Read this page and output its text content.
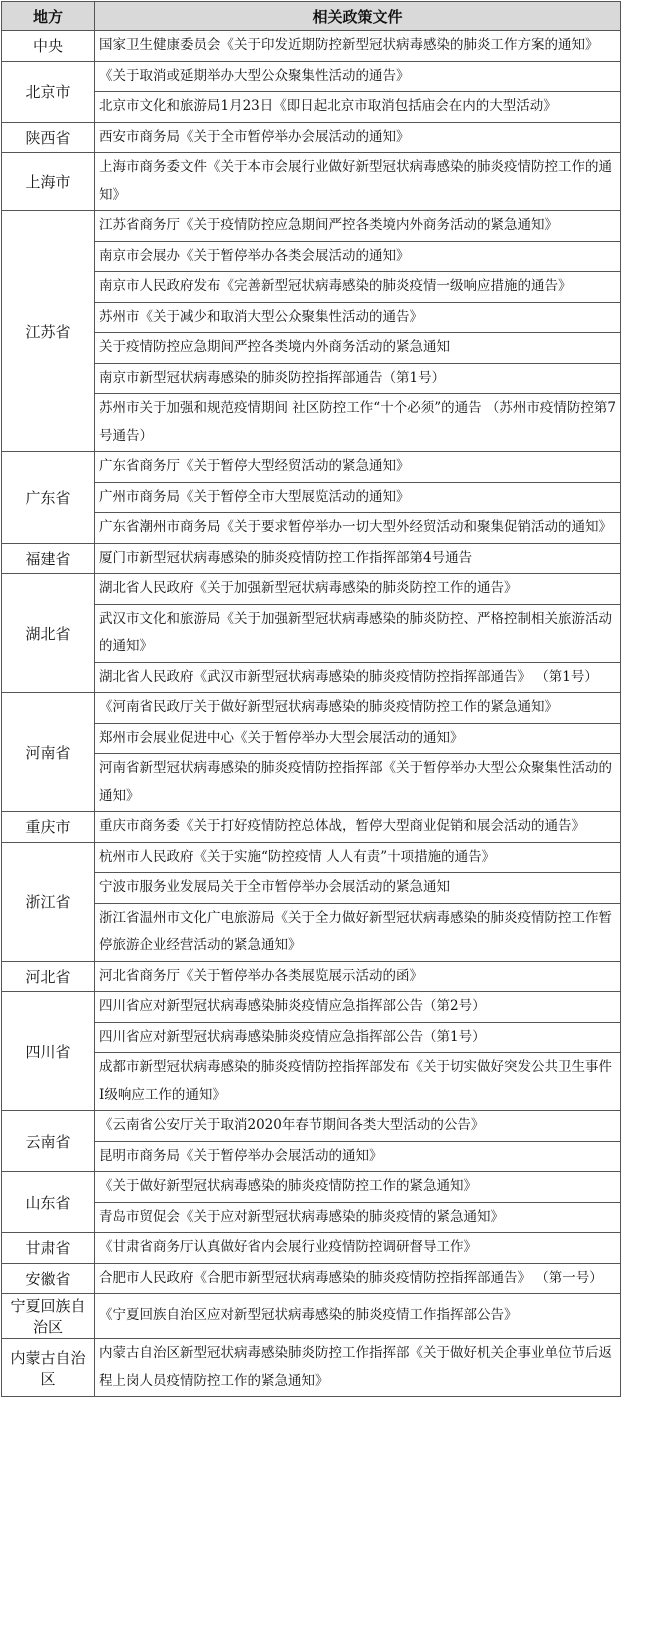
地方	相关政策文件
中央	国家卫生健康委员会《关于印发近期防控新型冠状病毒感染的肺炎工作方案的通知》
北京市	《关于取消或延期举办大型公众聚集性活动的通告》
	北京市文化和旅游局1月23日《即日起北京市取消包括庙会在内的大型活动》
陕西省	西安市商务局《关于全市暂停举办会展活动的通知》
上海市	上海市商务委文件《关于本市会展行业做好新型冠状病毒感染的肺炎疫情防控工作的通知》
江苏省	江苏省商务厅《关于疫情防控应急期间严控各类境内外商务活动的紧急通知》
	南京市会展办《关于暂停举办各类会展活动的通知》
	南京市人民政府发布《完善新型冠状病毒感染的肺炎疫情一级响应措施的通告》
	苏州市《关于减少和取消大型公众聚集性活动的通告》
	关于疫情防控应急期间严控各类境内外商务活动的紧急通知
	南京市新型冠状病毒感染的肺炎防控指挥部通告（第1号）
	苏州市关于加强和规范疫情期间 社区防控工作“十个必须”的通告 （苏州市疫情防控第7号通告）
广东省	广东省商务厅《关于暂停大型经贸活动的紧急通知》
	广州市商务局《关于暂停全市大型展览活动的通知》
	广东省潮州市商务局《关于要求暂停举办一切大型外经贸活动和聚集促销活动的通知》
福建省	厦门市新型冠状病毒感染的肺炎疫情防控工作指挥部第4号通告
湖北省	湖北省人民政府《关于加强新型冠状病毒感染的肺炎防控工作的通告》
	武汉市文化和旅游局《关于加强新型冠状病毒感染的肺炎防控、严格控制相关旅游活动的通知》
	湖北省人民政府《武汉市新型冠状病毒感染的肺炎疫情防控指挥部通告》 （第1号）
河南省	《河南省民政厅关于做好新型冠状病毒感染的肺炎疫情防控工作的紧急通知》
	郑州市会展业促进中心《关于暂停举办大型会展活动的通知》
	河南省新型冠状病毒感染的肺炎疫情防控指挥部《关于暂停举办大型公众聚集性活动的通知》
重庆市	重庆市商务委《关于打好疫情防控总体战，暂停大型商业促销和展会活动的通告》
浙江省	杭州市人民政府《关于实施“防控疫情 人人有责”十项措施的通告》
	宁波市服务业发展局关于全市暂停举办会展活动的紧急通知
	浙江省温州市文化广电旅游局《关于全力做好新型冠状病毒感染的肺炎疫情防控工作暂停旅游企业经营活动的紧急通知》
河北省	河北省商务厅《关于暂停举办各类展览展示活动的函》
四川省	四川省应对新型冠状病毒感染肺炎疫情应急指挥部公告（第2号）
	四川省应对新型冠状病毒感染肺炎疫情应急指挥部公告（第1号）
	成都市新型冠状病毒感染的肺炎疫情防控指挥部发布《关于切实做好突发公共卫生事件Ⅰ级响应工作的通知》
云南省	《云南省公安厅关于取消2020年春节期间各类大型活动的公告》
	昆明市商务局《关于暂停举办会展活动的通知》
山东省	《关于做好新型冠状病毒感染的肺炎疫情防控工作的紧急通知》
	青岛市贸促会《关于应对新型冠状病毒感染的肺炎疫情的紧急通知》
甘肃省	《甘肃省商务厅认真做好省内会展行业疫情防控调研督导工作》
安徽省	合肥市人民政府《合肥市新型冠状病毒感染的肺炎疫情防控指挥部通告》 （第一号）
宁夏回族自治区	《宁夏回族自治区应对新型冠状病毒感染的肺炎疫情工作指挥部公告》
内蒙古自治区	内蒙古自治区新型冠状病毒感染肺炎防控工作指挥部《关于做好机关企事业单位节后返程上岗人员疫情防控工作的紧急通知》
